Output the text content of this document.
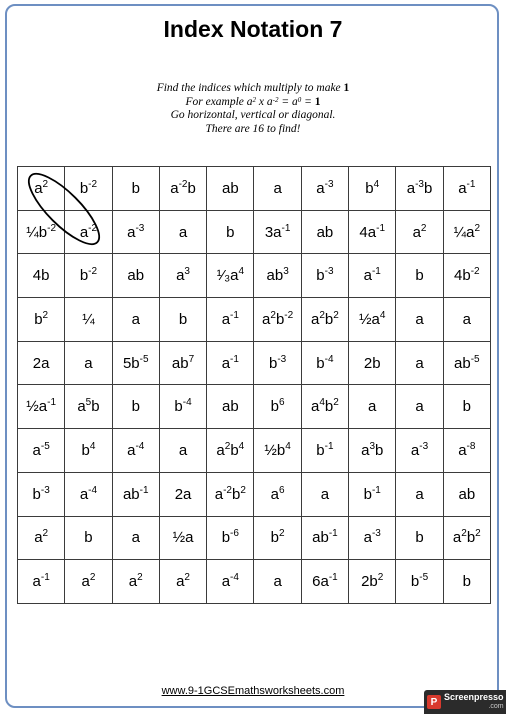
Index Notation 7
Find the indices which multiply to make 1
For example $a^2$ x $a^{-2} = a^0 = 1$
Go horizontal, vertical or diagonal.
There are 16 to find!
$a^2$	$b^{-2}$	b	$a^{-2}b$	ab	a	$a^{-3}$	$b^4$	$a^{-3}b$	$a^{-1}$
$\frac{1}{4}b^{-2}$	$a^{-2}$	$a^{-3}$	a	b	$3a^{-1}$	ab	$4a^{-1}$	$a^2$	$\frac{1}{4}a^2$
4b	$b^{-2}$	ab	$a^3$	$^1⁄_3a^4$	$ab^3$	$b^{-3}$	$a^{-1}$	b	$4b^{-2}$
$b^2$	¼	a	b	$a^{-1}$	$a^2b^{-2}$	$a^2b^2$	$\frac{1}{2}a^4$	a	a
2a	a	$5b^{-5}$	$ab^7$	$a^{-1}$	$b^{-3}$	$b^{-4}$	2b	a	$ab^{-5}$
$\frac{1}{2}a^{-1}$	$a^5b$	b	$b^{-4}$	ab	$b^6$	$a^4b^2$	a	a	b
$a^{-5}$	$b^4$	$a^{-4}$	a	$a^2b^4$	$\frac{1}{2}b^4$	$b^{-1}$	$a^3b$	$a^{-3}$	$a^{-8}$
$b^{-3}$	$a^{-4}$	$ab^{-1}$	2a	$a^{-2}b^2$	$a^6$	a	$b^{-1}$	a	ab
$a^2$	b	a	½a	$b^{-6}$	$b^2$	$ab^{-1}$	$a^{-3}$	b	$a^2b^2$
$a^{-1}$	$a^2$	$a^2$	$a^2$	$a^{-4}$	a	$6a^{-1}$	$2b^2$	$b^{-5}$	b
www.9-1GCSEmathsworksheets.com
P Screenpresso
.com
